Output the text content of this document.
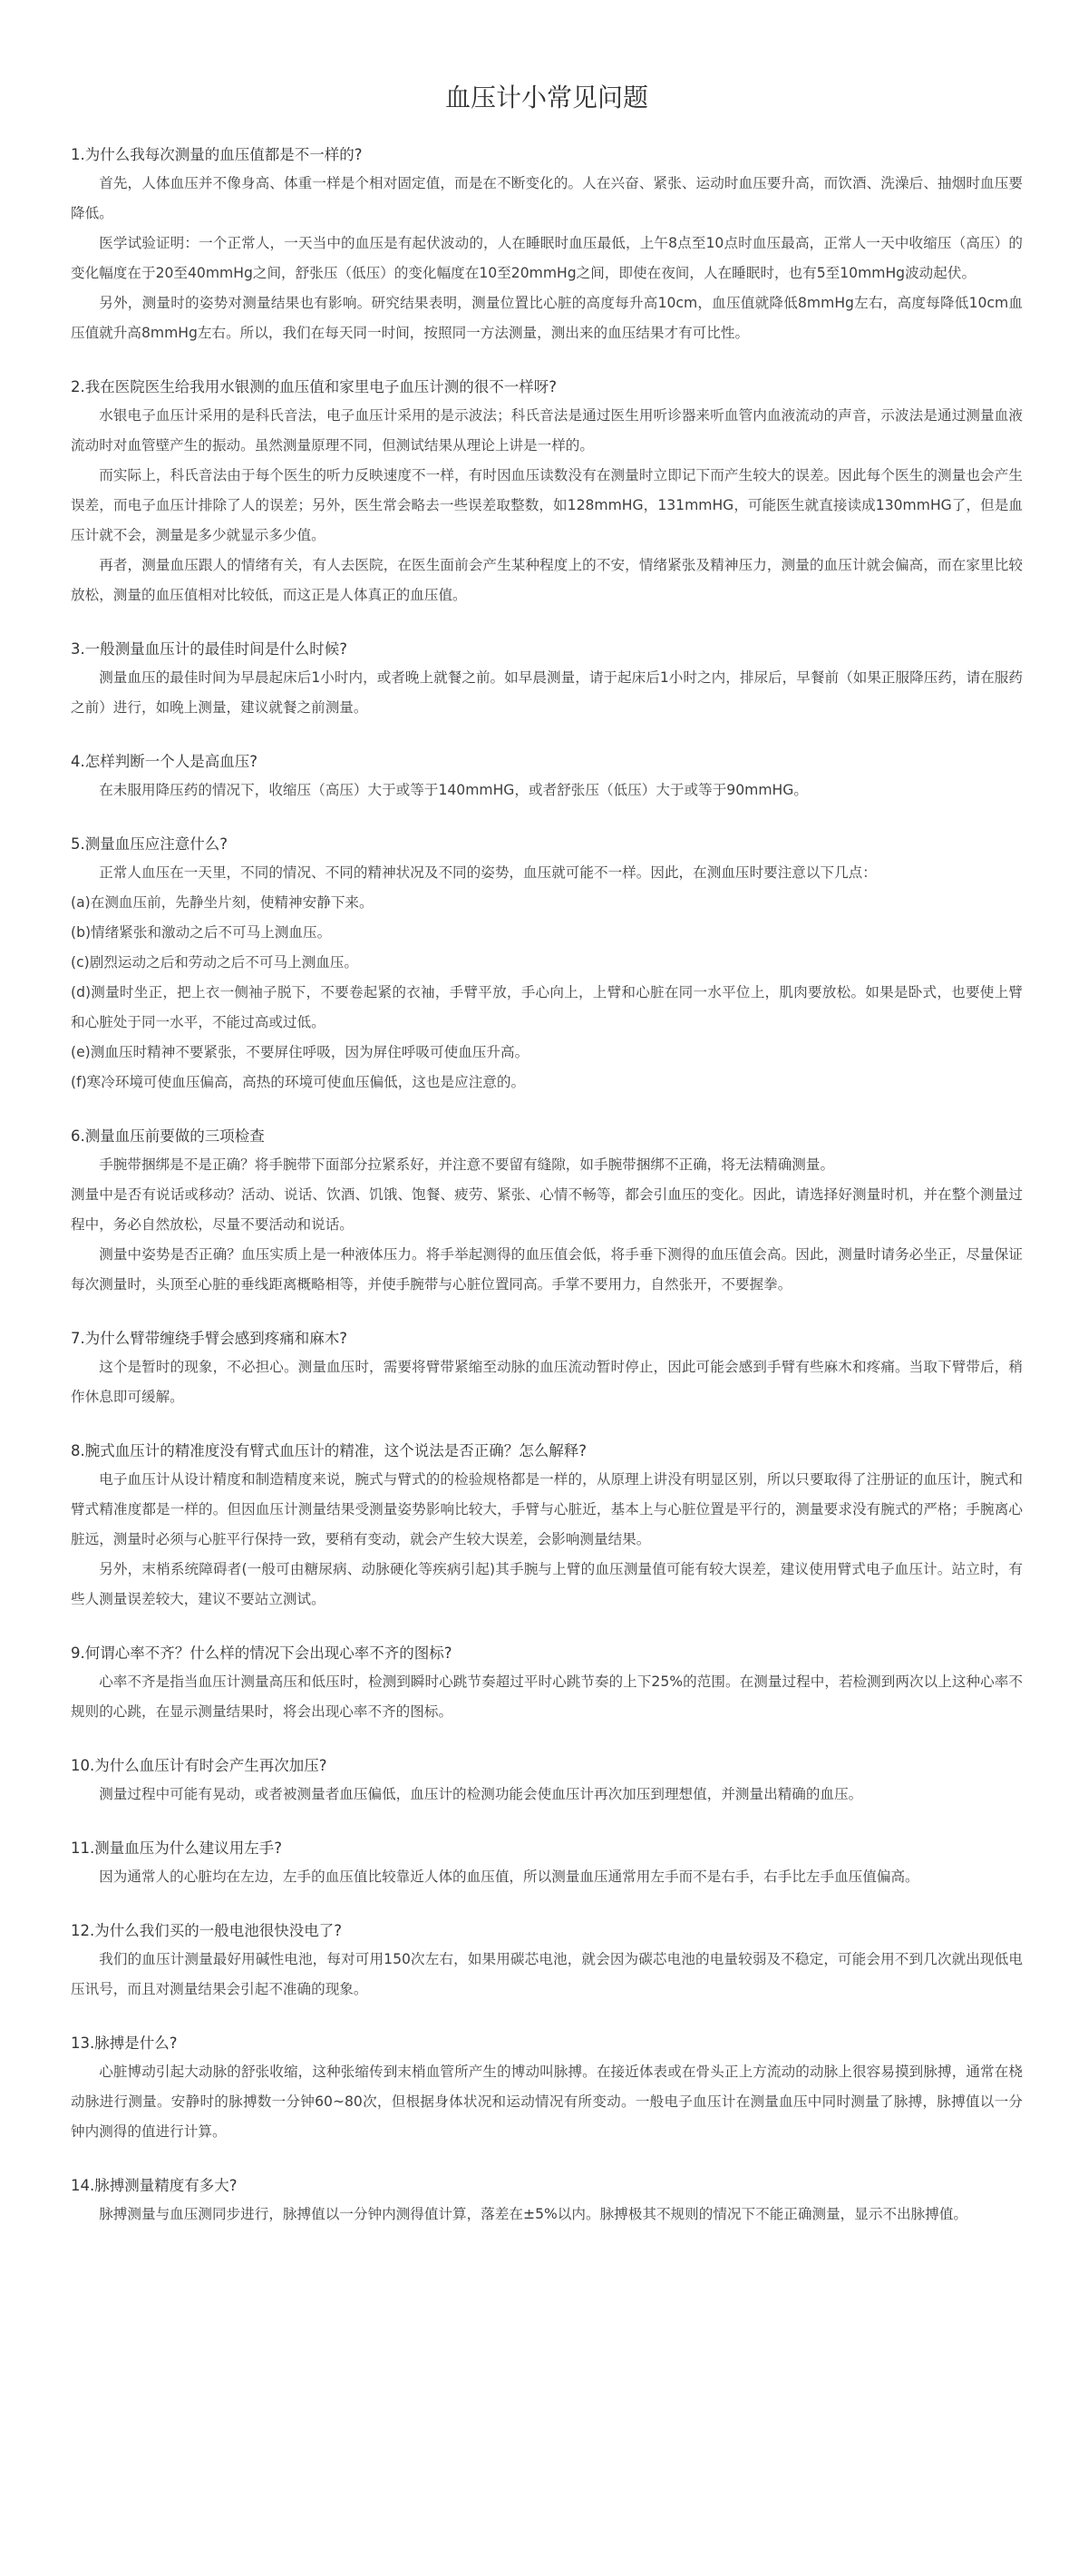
血压计小常见问题

1.为什么我每次测量的血压值都是不一样的?

首先，人体血压并不像身高、体重一样是个相对固定值，而是在不断变化的。人在兴奋、紧张、运动时血压要升高，而饮酒、洗澡后、抽烟时血压要降低。

医学试验证明：一个正常人，一天当中的血压是有起伏波动的，人在睡眠时血压最低，上午8点至10点时血压最高，正常人一天中收缩压（高压）的变化幅度在于20至40mmHg之间，舒张压（低压）的变化幅度在10至20mmHg之间，即使在夜间，人在睡眠时，也有5至10mmHg波动起伏。

另外，测量时的姿势对测量结果也有影响。研究结果表明，测量位置比心脏的高度每升高10cm，血压值就降低8mmHg左右，高度每降低10cm血压值就升高8mmHg左右。所以，我们在每天同一时间，按照同一方法测量，测出来的血压结果才有可比性。

2.我在医院医生给我用水银测的血压值和家里电子血压计测的很不一样呀?

水银电子血压计采用的是科氏音法，电子血压计采用的是示波法；科氏音法是通过医生用听诊器来听血管内血液流动的声音，示波法是通过测量血液流动时对血管壁产生的振动。虽然测量原理不同，但测试结果从理论上讲是一样的。

而实际上，科氏音法由于每个医生的听力反映速度不一样，有时因血压读数没有在测量时立即记下而产生较大的误差。因此每个医生的测量也会产生误差，而电子血压计排除了人的误差；另外，医生常会略去一些误差取整数，如128mmHG，131mmHG，可能医生就直接读成130mmHG了，但是血压计就不会，测量是多少就显示多少值。

再者，测量血压跟人的情绪有关，有人去医院，在医生面前会产生某种程度上的不安，情绪紧张及精神压力，测量的血压计就会偏高，而在家里比较放松，测量的血压值相对比较低，而这正是人体真正的血压值。

3.一般测量血压计的最佳时间是什么时候?

测量血压的最佳时间为早晨起床后1小时内，或者晚上就餐之前。如早晨测量，请于起床后1小时之内，排尿后，早餐前（如果正服降压药，请在服药之前）进行，如晚上测量，建议就餐之前测量。

4.怎样判断一个人是高血压?

在未服用降压药的情况下，收缩压（高压）大于或等于140mmHG，或者舒张压（低压）大于或等于90mmHG。

5.测量血压应注意什么?

正常人血压在一天里，不同的情况、不同的精神状况及不同的姿势，血压就可能不一样。因此，在测血压时要注意以下几点：

(a)在测血压前，先静坐片刻，使精神安静下来。

(b)情绪紧张和激动之后不可马上测血压。

(c)剧烈运动之后和劳动之后不可马上测血压。

(d)测量时坐正，把上衣一侧袖子脱下，不要卷起紧的衣袖，手臂平放，手心向上，上臂和心脏在同一水平位上，肌肉要放松。如果是卧式，也要使上臂和心脏处于同一水平，不能过高或过低。

(e)测血压时精神不要紧张，不要屏住呼吸，因为屏住呼吸可使血压升高。

(f)寒冷环境可使血压偏高，高热的环境可使血压偏低，这也是应注意的。

6.测量血压前要做的三项检查

手腕带捆绑是不是正确？将手腕带下面部分拉紧系好，并注意不要留有缝隙，如手腕带捆绑不正确，将无法精确测量。

测量中是否有说话或移动？活动、说话、饮酒、饥饿、饱餐、疲劳、紧张、心情不畅等，都会引血压的变化。因此，请选择好测量时机，并在整个测量过程中，务必自然放松，尽量不要活动和说话。

测量中姿势是否正确？血压实质上是一种液体压力。将手举起测得的血压值会低，将手垂下测得的血压值会高。因此，测量时请务必坐正，尽量保证每次测量时，头顶至心脏的垂线距离概略相等，并使手腕带与心脏位置同高。手掌不要用力，自然张开，不要握拳。

7.为什么臂带缠绕手臂会感到疼痛和麻木?

这个是暂时的现象，不必担心。测量血压时，需要将臂带紧缩至动脉的血压流动暂时停止，因此可能会感到手臂有些麻木和疼痛。当取下臂带后，稍作休息即可缓解。

8.腕式血压计的精准度没有臂式血压计的精准，这个说法是否正确？怎么解释?

电子血压计从设计精度和制造精度来说，腕式与臂式的的检验规格都是一样的，从原理上讲没有明显区别，所以只要取得了注册证的血压计，腕式和臂式精准度都是一样的。但因血压计测量结果受测量姿势影响比较大，手臂与心脏近，基本上与心脏位置是平行的，测量要求没有腕式的严格；手腕离心脏远，测量时必须与心脏平行保持一致，要稍有变动，就会产生较大误差，会影响测量结果。

另外，末梢系统障碍者(一般可由糖尿病、动脉硬化等疾病引起)其手腕与上臂的血压测量值可能有较大误差，建议使用臂式电子血压计。站立时，有些人测量误差较大，建议不要站立测试。

9.何谓心率不齐？什么样的情况下会出现心率不齐的图标?

心率不齐是指当血压计测量高压和低压时，检测到瞬时心跳节奏超过平时心跳节奏的上下25%的范围。在测量过程中，若检测到两次以上这种心率不规则的心跳，在显示测量结果时，将会出现心率不齐的图标。

10.为什么血压计有时会产生再次加压?

测量过程中可能有晃动，或者被测量者血压偏低，血压计的检测功能会使血压计再次加压到理想值，并测量出精确的血压。

11.测量血压为什么建议用左手?

因为通常人的心脏均在左边，左手的血压值比较靠近人体的血压值，所以测量血压通常用左手而不是右手，右手比左手血压值偏高。

12.为什么我们买的一般电池很快没电了?

我们的血压计测量最好用碱性电池，每对可用150次左右，如果用碳芯电池，就会因为碳芯电池的电量较弱及不稳定，可能会用不到几次就出现低电压讯号，而且对测量结果会引起不准确的现象。

13.脉搏是什么?

心脏博动引起大动脉的舒张收缩，这种张缩传到末梢血管所产生的博动叫脉搏。在接近体表或在骨头正上方流动的动脉上很容易摸到脉搏，通常在桡动脉进行测量。安静时的脉搏数一分钟60~80次，但根据身体状况和运动情况有所变动。一般电子血压计在测量血压中同时测量了脉搏，脉搏值以一分钟内测得的值进行计算。

14.脉搏测量精度有多大?

脉搏测量与血压测同步进行，脉搏值以一分钟内测得值计算，落差在±5%以内。脉搏极其不规则的情况下不能正确测量，显示不出脉搏值。
